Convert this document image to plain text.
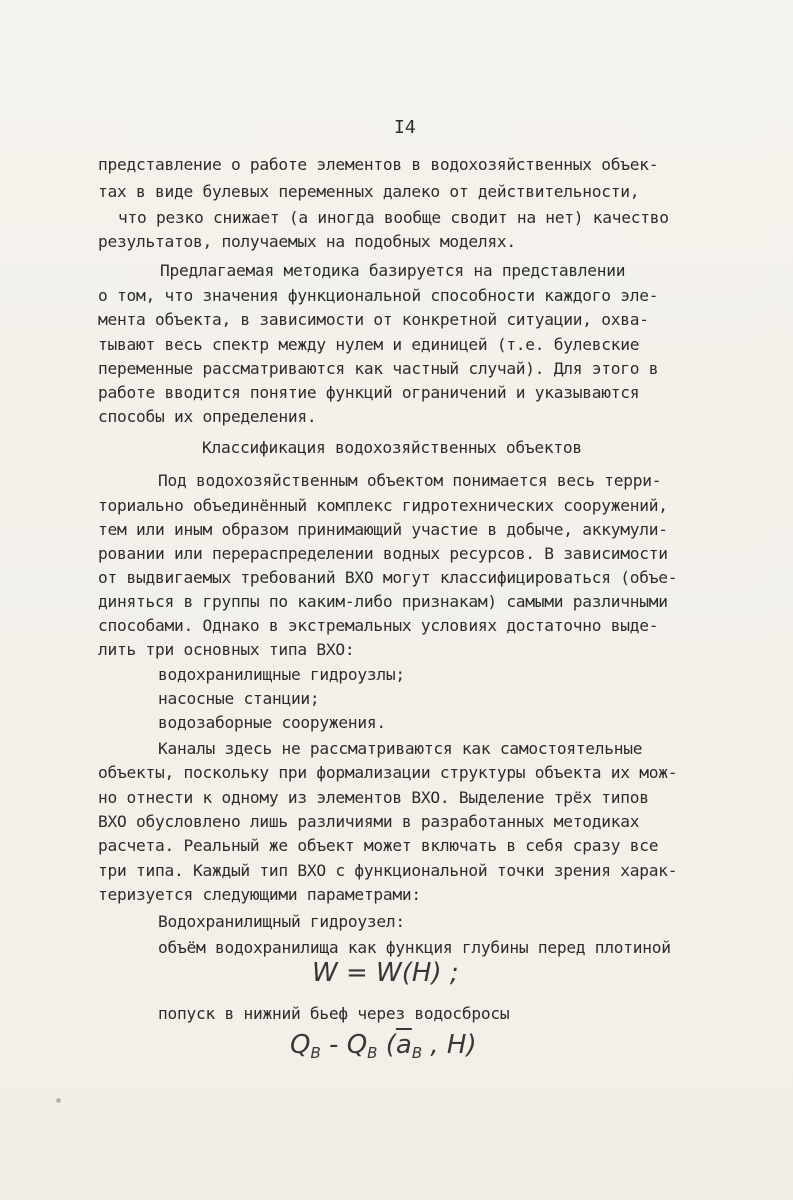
I4
представление о работе элементов в водохозяйственных объек-
тах в виде булевых переменных далеко от действительности,
что резко снижает (а иногда вообще сводит на нет) качество
результатов, получаемых на подобных моделях.
Предлагаемая методика базируется на представлении
о том, что значения функциональной способности каждого эле-
мента объекта, в зависимости от конкретной ситуации, охва-
тывают весь спектр между нулем и единицей (т.е. булевские
переменные рассматриваются как частный случай). Для этого в
работе вводится понятие функций ограничений и указываются
способы их определения.
Классификация водохозяйственных объектов
Под водохозяйственным объектом понимается весь терри-
ториально объединённый комплекс гидротехнических сооружений,
тем или иным образом принимающий участие в добыче, аккумули-
ровании или перераспределении водных ресурсов. В зависимости
от выдвигаемых требований ВХО могут классифицироваться (объе-
диняться в группы по каким-либо признакам) самыми различными
способами. Однако в экстремальных условиях достаточно выде-
лить три основных типа ВХО:
водохранилищные гидроузлы;
насосные станции;
водозаборные сооружения.
Каналы здесь не рассматриваются как самостоятельные
объекты, поскольку при формализации структуры объекта их мож-
но отнести к одному из элементов ВХО. Выделение трёх типов
ВХО обусловлено лишь различиями в разработанных методиках
расчета. Реальный же объект может включать в себя сразу все
три типа. Каждый тип ВХО с функциональной точки зрения харак-
теризуется следующими параметрами:
Водохранилищный гидроузел:
объём водохранилища как функция глубины перед плотиной
W = W(H) ;
попуск в нижний бьеф через водосбросы
$Q_B - Q_B$ ($\overline{a}_B$ , H)
